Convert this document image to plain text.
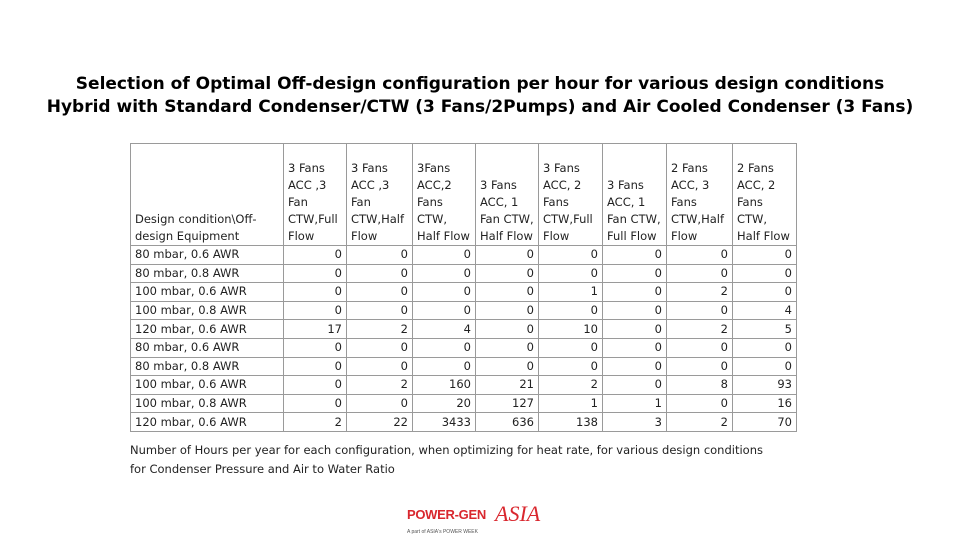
Selection of Optimal Off-design configuration per hour for various design conditions
Hybrid with Standard Condenser/CTW (3 Fans/2Pumps) and Air Cooled Condenser (3 Fans)
Design condition\Off-design Equipment	3 Fans ACC ,3 Fan CTW,Full Flow	3 Fans ACC ,3 Fan CTW,Half Flow	3Fans ACC,2 Fans CTW, Half Flow	3 Fans ACC, 1 Fan CTW, Half Flow	3 Fans ACC, 2 Fans CTW,Full Flow	3 Fans ACC, 1 Fan CTW, Full Flow	2 Fans ACC, 3 Fans CTW,Half Flow	2 Fans ACC, 2 Fans CTW, Half Flow
80 mbar, 0.6 AWR	0	0	0	0	0	0	0	0
80 mbar, 0.8 AWR	0	0	0	0	0	0	0	0
100 mbar, 0.6 AWR	0	0	0	0	1	0	2	0
100 mbar, 0.8 AWR	0	0	0	0	0	0	0	4
120 mbar, 0.6 AWR	17	2	4	0	10	0	2	5
80 mbar, 0.6 AWR	0	0	0	0	0	0	0	0
80 mbar, 0.8 AWR	0	0	0	0	0	0	0	0
100 mbar, 0.6 AWR	0	2	160	21	2	0	8	93
100 mbar, 0.8 AWR	0	0	20	127	1	1	0	16
120 mbar, 0.6 AWR	2	22	3433	636	138	3	2	70
Number of Hours per year for each configuration, when optimizing for heat rate, for various design conditions for Condenser Pressure and Air to Water Ratio
POWER-GEN ASIA
A part of ASIA's POWER WEEK
